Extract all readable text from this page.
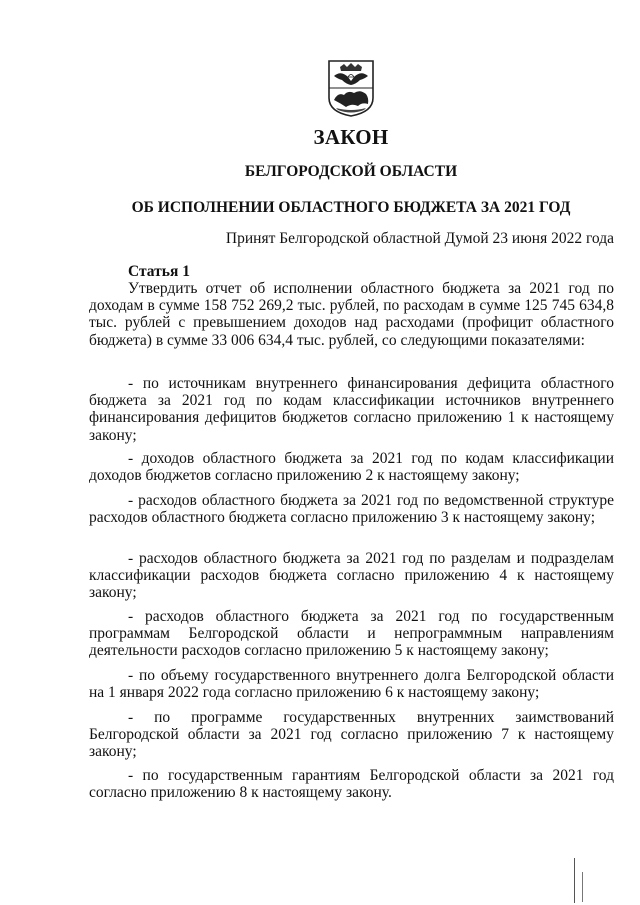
ЗАКОН
БЕЛГОРОДСКОЙ ОБЛАСТИ
ОБ ИСПОЛНЕНИИ ОБЛАСТНОГО БЮДЖЕТА ЗА 2021 ГОД

Принят Белгородской областной Думой 23 июня 2022 года

Статья 1

Утвердить отчет об исполнении областного бюджета за 2021 год по доходам в сумме 158 752 269,2 тыс. рублей, по расходам в сумме 125 745 634,8 тыс. рублей с превышением доходов над расходами (профицит областного бюджета) в сумме 33 006 634,4 тыс. рублей, со следующими показателями:

- по источникам внутреннего финансирования дефицита областного бюджета за 2021 год по кодам классификации источников внутреннего финансирования дефицитов бюджетов согласно приложению 1 к настоящему закону;

- доходов областного бюджета за 2021 год по кодам классификации доходов бюджетов согласно приложению 2 к настоящему закону;

- расходов областного бюджета за 2021 год по ведомственной структуре расходов областного бюджета согласно приложению 3 к настоящему закону;

- расходов областного бюджета за 2021 год по разделам и подразделам классификации расходов бюджета согласно приложению 4 к настоящему закону;

- расходов областного бюджета за 2021 год по государственным программам Белгородской области и непрограммным направлениям деятельности расходов согласно приложению 5 к настоящему закону;

- по объему государственного внутреннего долга Белгородской области на 1 января 2022 года согласно приложению 6 к настоящему закону;

- по программе государственных внутренних заимствований Белгородской области за 2021 год согласно приложению 7 к настоящему закону;

- по государственным гарантиям Белгородской области за 2021 год согласно приложению 8 к настоящему закону.
